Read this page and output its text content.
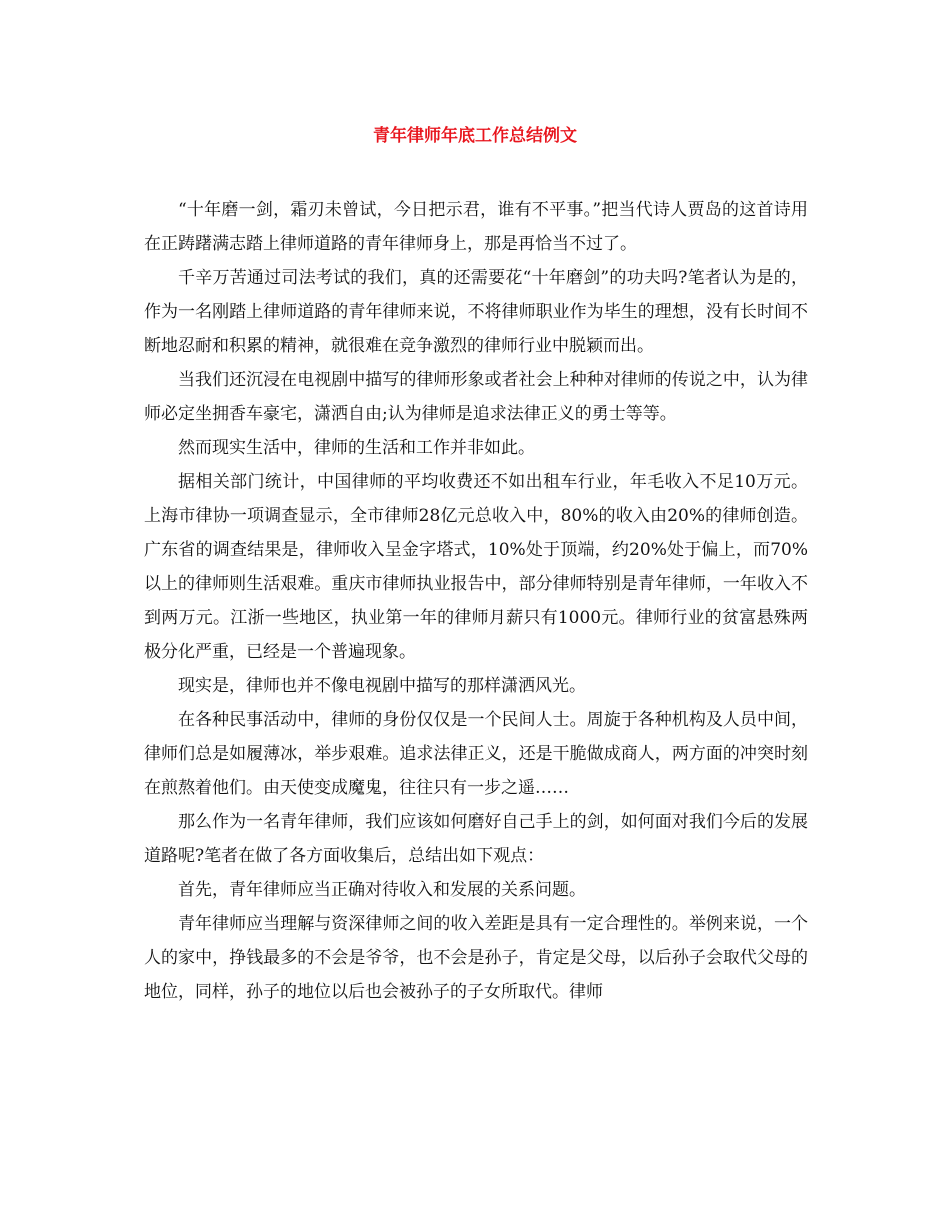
青年律师年底工作总结例文

“十年磨一剑，霜刃未曾试，今日把示君，谁有不平事。”把当代诗人贾岛的这首诗用在正踌躇满志踏上律师道路的青年律师身上，那是再恰当不过了。

千辛万苦通过司法考试的我们，真的还需要花“十年磨剑”的功夫吗?笔者认为是的，作为一名刚踏上律师道路的青年律师来说，不将律师职业作为毕生的理想，没有长时间不断地忍耐和积累的精神，就很难在竞争激烈的律师行业中脱颖而出。

当我们还沉浸在电视剧中描写的律师形象或者社会上种种对律师的传说之中，认为律师必定坐拥香车豪宅，潇洒自由;认为律师是追求法律正义的勇士等等。

然而现实生活中，律师的生活和工作并非如此。

据相关部门统计，中国律师的平均收费还不如出租车行业，年毛收入不足10万元。上海市律协一项调查显示，全市律师28亿元总收入中，80%的收入由20%的律师创造。广东省的调查结果是，律师收入呈金字塔式，10%处于顶端，约20%处于偏上，而70%以上的律师则生活艰难。重庆市律师执业报告中，部分律师特别是青年律师，一年收入不到两万元。江浙一些地区，执业第一年的律师月薪只有1000元。律师行业的贫富悬殊两极分化严重，已经是一个普遍现象。

现实是，律师也并不像电视剧中描写的那样潇洒风光。

在各种民事活动中，律师的身份仅仅是一个民间人士。周旋于各种机构及人员中间，律师们总是如履薄冰，举步艰难。追求法律正义，还是干脆做成商人，两方面的冲突时刻在煎熬着他们。由天使变成魔鬼，往往只有一步之遥……

那么作为一名青年律师，我们应该如何磨好自己手上的剑，如何面对我们今后的发展道路呢?笔者在做了各方面收集后，总结出如下观点：

首先，青年律师应当正确对待收入和发展的关系问题。

青年律师应当理解与资深律师之间的收入差距是具有一定合理性的。举例来说，一个人的家中，挣钱最多的不会是爷爷，也不会是孙子，肯定是父母，以后孙子会取代父母的地位，同样，孙子的地位以后也会被孙子的子女所取代。律师
